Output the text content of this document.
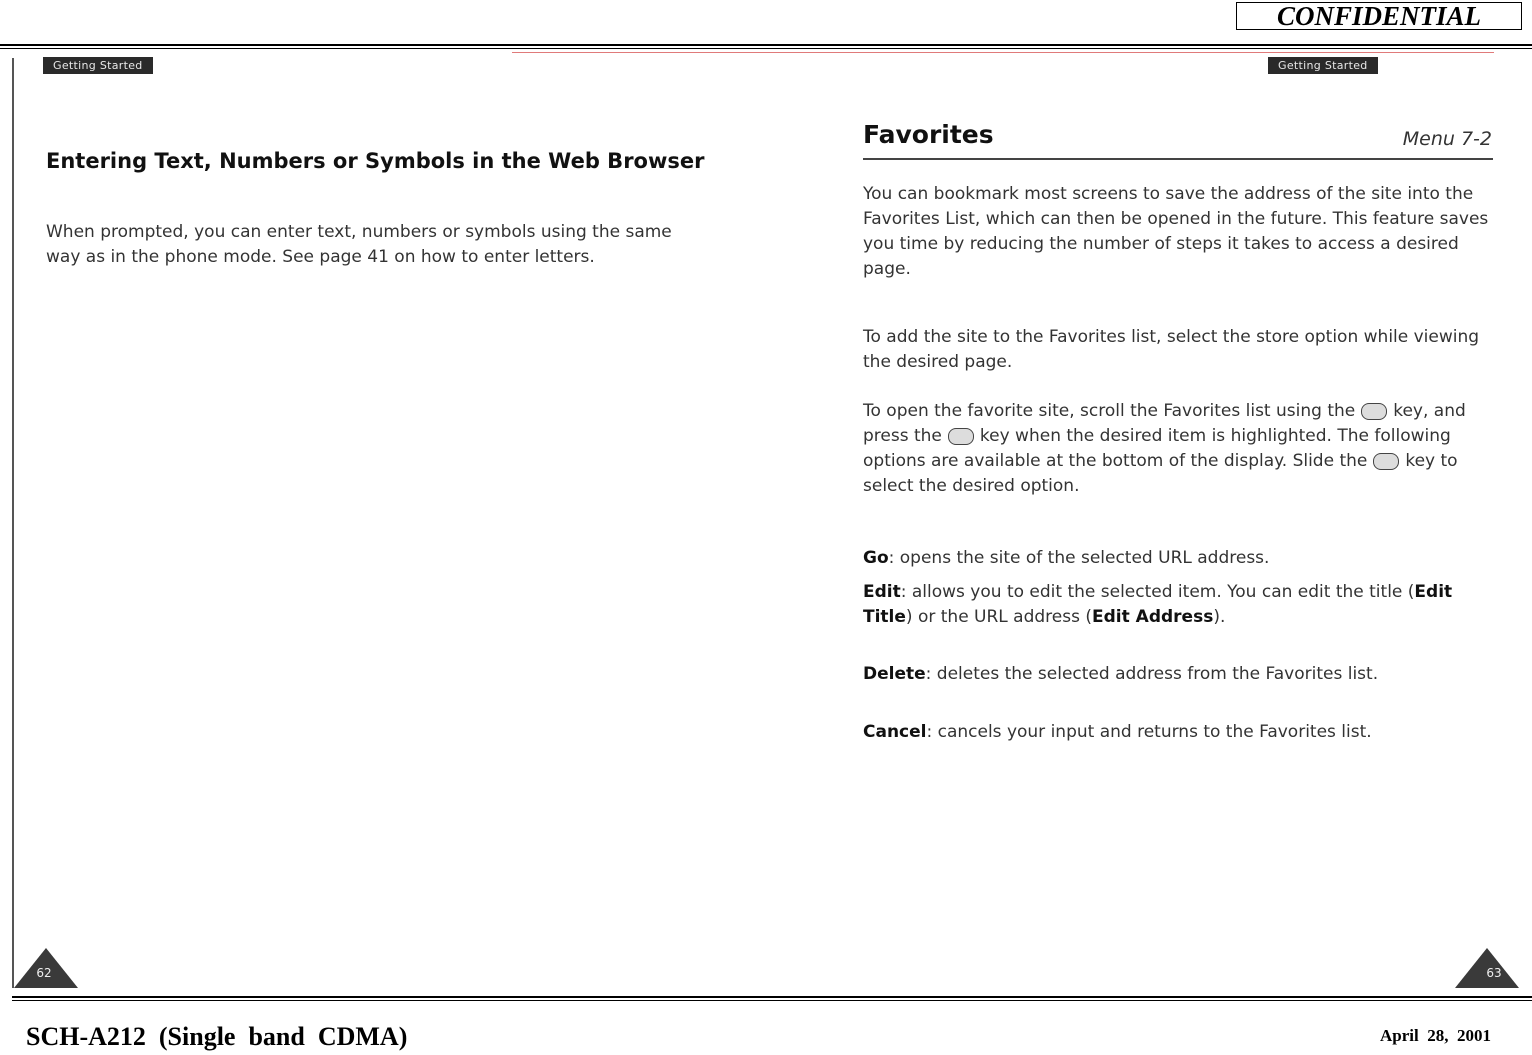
CONFIDENTIAL
Getting Started	Getting Started
Entering Text, Numbers or Symbols in the Web Browser
When prompted, you can enter text, numbers or symbols using the same way as in the phone mode. See page 41 on how to enter letters.
Favorites	Menu 7-2
You can bookmark most screens to save the address of the site into the Favorites List, which can then be opened in the future. This feature saves you time by reducing the number of steps it takes to access a desired page.
To add the site to the Favorites list, select the store option while viewing the desired page.
To open the favorite site, scroll the Favorites list using the key, and press the key when the desired item is highlighted. The following options are available at the bottom of the display. Slide the key to select the desired option.
Go: opens the site of the selected URL address.
Edit: allows you to edit the selected item. You can edit the title (Edit Title) or the URL address (Edit Address).
Delete: deletes the selected address from the Favorites list.
Cancel: cancels your input and returns to the Favorites list.
62	63
SCH-A212  (Single  band  CDMA)	April  28,  2001
